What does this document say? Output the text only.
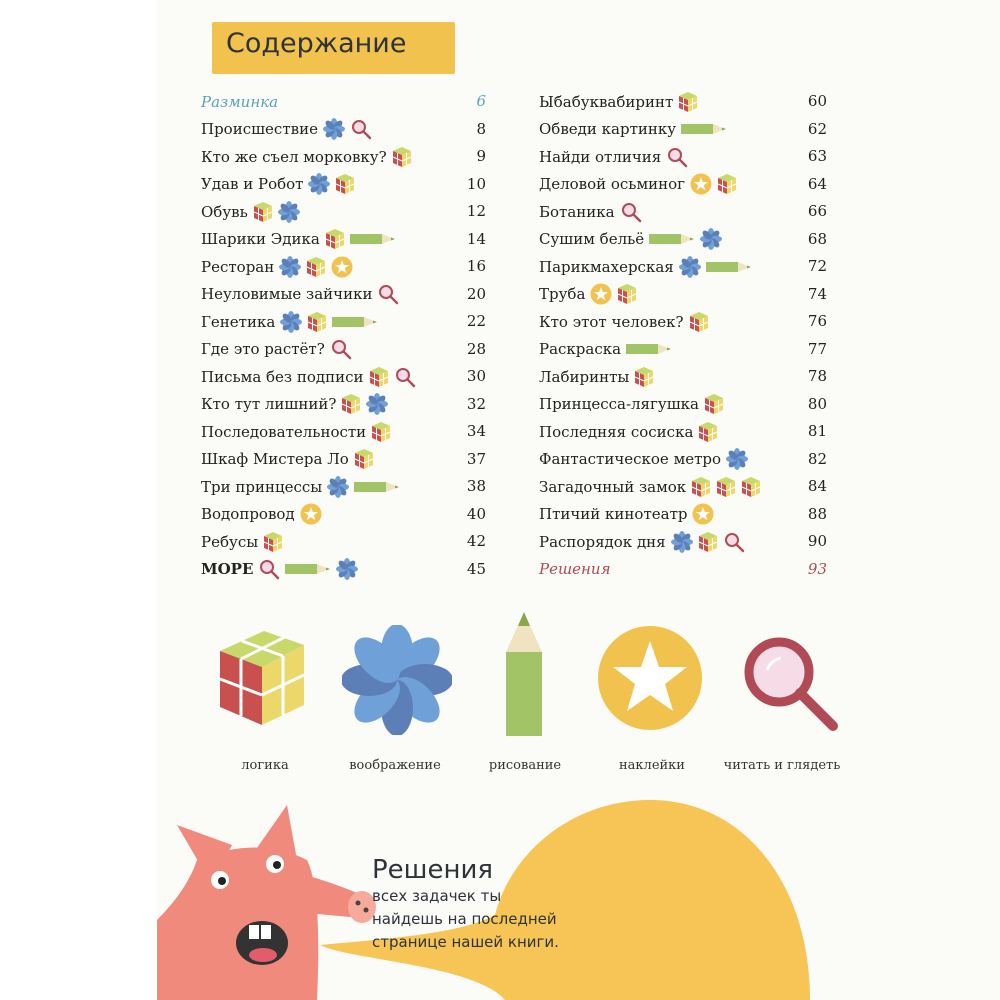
Содержание
Разминка	6
Происшествие	8
Кто же съел морковку?	9
Удав и Робот	10
Обувь	12
Шарики Эдика	14
Ресторан	16
Неуловимые зайчики	20
Генетика	22
Где это растёт?	28
Письма без подписи	30
Кто тут лишний?	32
Последовательности	34
Шкаф Мистера Ло	37
Три принцессы	38
Водопровод	40
Ребусы	42
МОРЕ	45
Ыбабуквабиринт	60
Обведи картинку	62
Найди отличия	63
Деловой осьминог	64
Ботаника	66
Сушим бельё	68
Парикмахерская	72
Труба	74
Кто этот человек?	76
Раскраска	77
Лабиринты	78
Принцесса-лягушка	80
Последняя сосиска	81
Фантастическое метро	82
Загадочный замок	84
Птичий кинотеатр	88
Распорядок дня	90
Решения	93
логика	воображение	рисование	наклейки	читать и глядеть
Решения
всех задачек ты
найдешь на последней
странице нашей книги.
